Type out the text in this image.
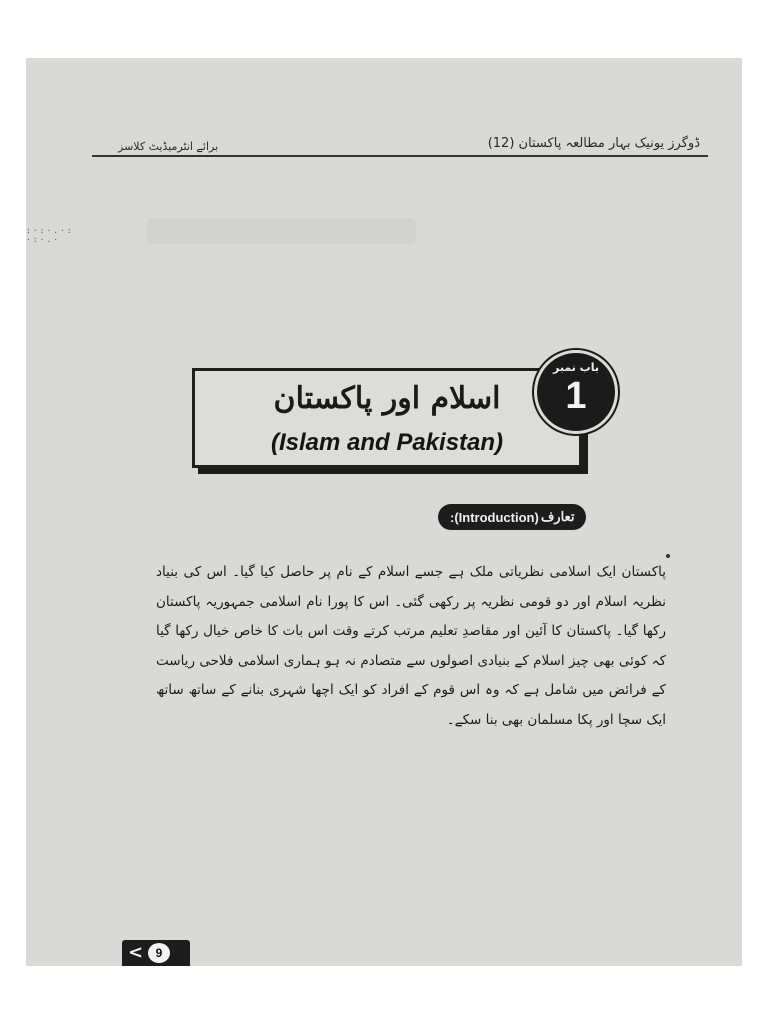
ڈوگرز یونیک بہار مطالعہ پاکستان (12)
برائے انٹرمیڈیٹ کلاسز
:·:·.·:
·:·.·
اسلام اور پاکستان
(Islam and Pakistan)
باب نمبر
1
تعارف
(Introduction)
:
پاکستان ایک اسلامی نظریاتی ملک ہے جسے اسلام کے نام پر حاصل کیا گیا۔ اس کی بنیاد نظریہ اسلام اور دو قومی نظریہ پر رکھی گئی۔ اس کا پورا نام اسلامی جمہوریہ پاکستان رکھا گیا۔ پاکستان کا آئین اور مقاصدِ تعلیم مرتب کرتے وقت اس بات کا خاص خیال رکھا گیا کہ کوئی بھی چیز اسلام کے بنیادی اصولوں سے متصادم نہ ہو ہماری اسلامی فلاحی ریاست کے فرائض میں شامل ہے کہ وہ اس قوم کے افراد کو ایک اچھا شہری بنانے کے ساتھ ساتھ ایک سچا اور پکا مسلمان بھی بنا سکے۔
<	9
